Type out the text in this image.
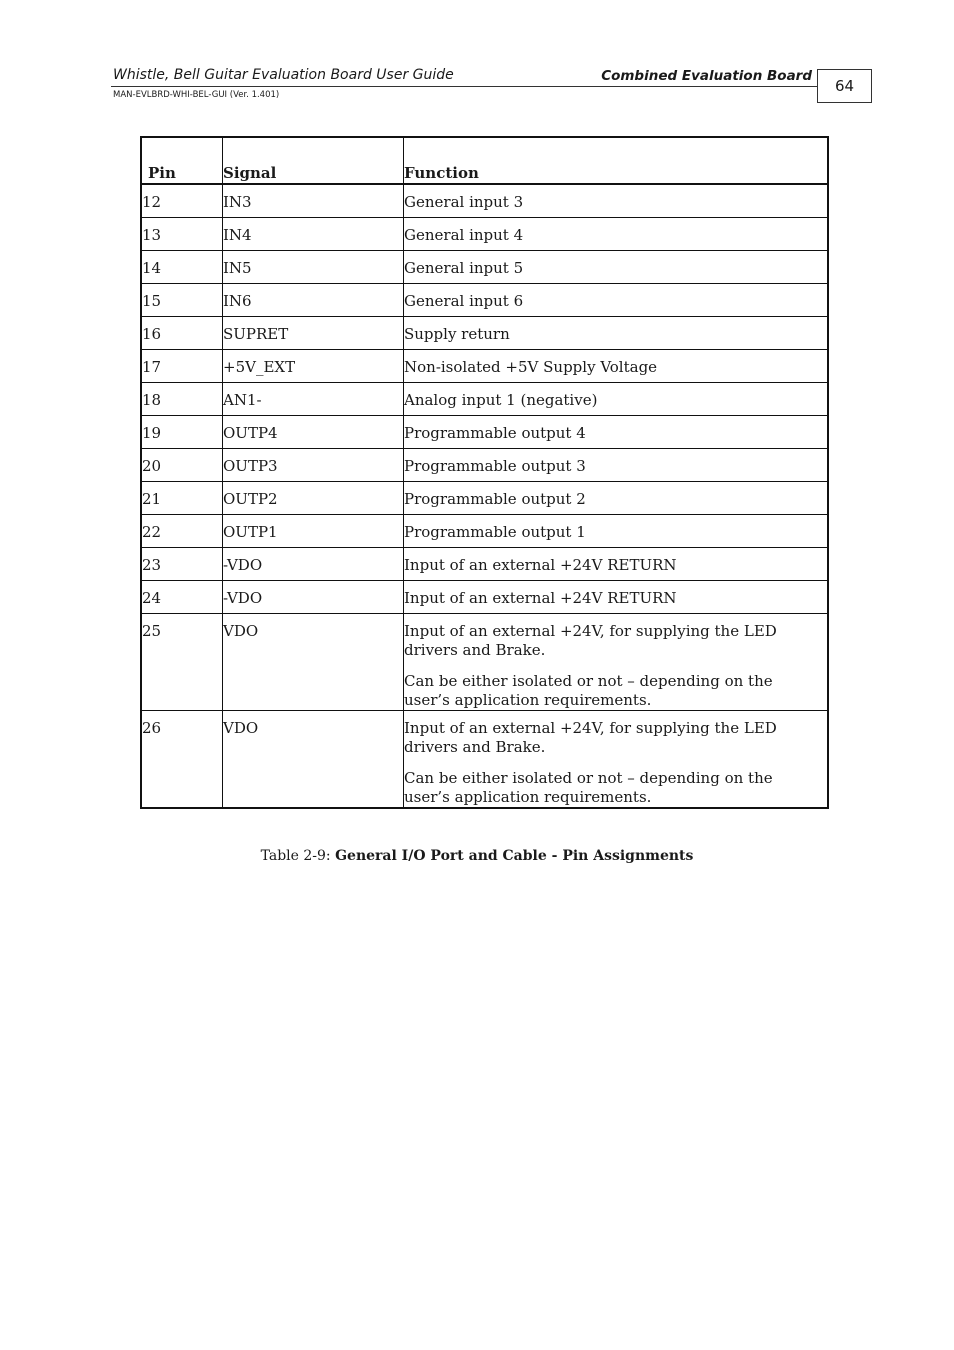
Whistle, Bell Guitar Evaluation Board User Guide	Combined Evaluation Board
MAN-EVLBRD-WHI-BEL-GUI (Ver. 1.401)	64
Pin	Signal	Function
12	IN3	General input 3

13	IN4	General input 4

14	IN5	General input 5

15	IN6	General input 6

16	SUPRET	Supply return

17	+5V_EXT	Non-isolated +5V Supply Voltage

18	AN1-	Analog input 1 (negative)

19	OUTP4	Programmable output 4

20	OUTP3	Programmable output 3

21	OUTP2	Programmable output 2

22	OUTP1	Programmable output 1

23	-VDO	Input of an external +24V RETURN

24	-VDO	Input of an external +24V RETURN

25	VDO	Input of an external +24V, for supplying the LED drivers and Brake.
Can be either isolated or not – depending on the user’s application requirements.

26	VDO	Input of an external +24V, for supplying the LED drivers and Brake.
Can be either isolated or not – depending on the user’s application requirements.
Table 2-9: General I/O Port and Cable - Pin Assignments
